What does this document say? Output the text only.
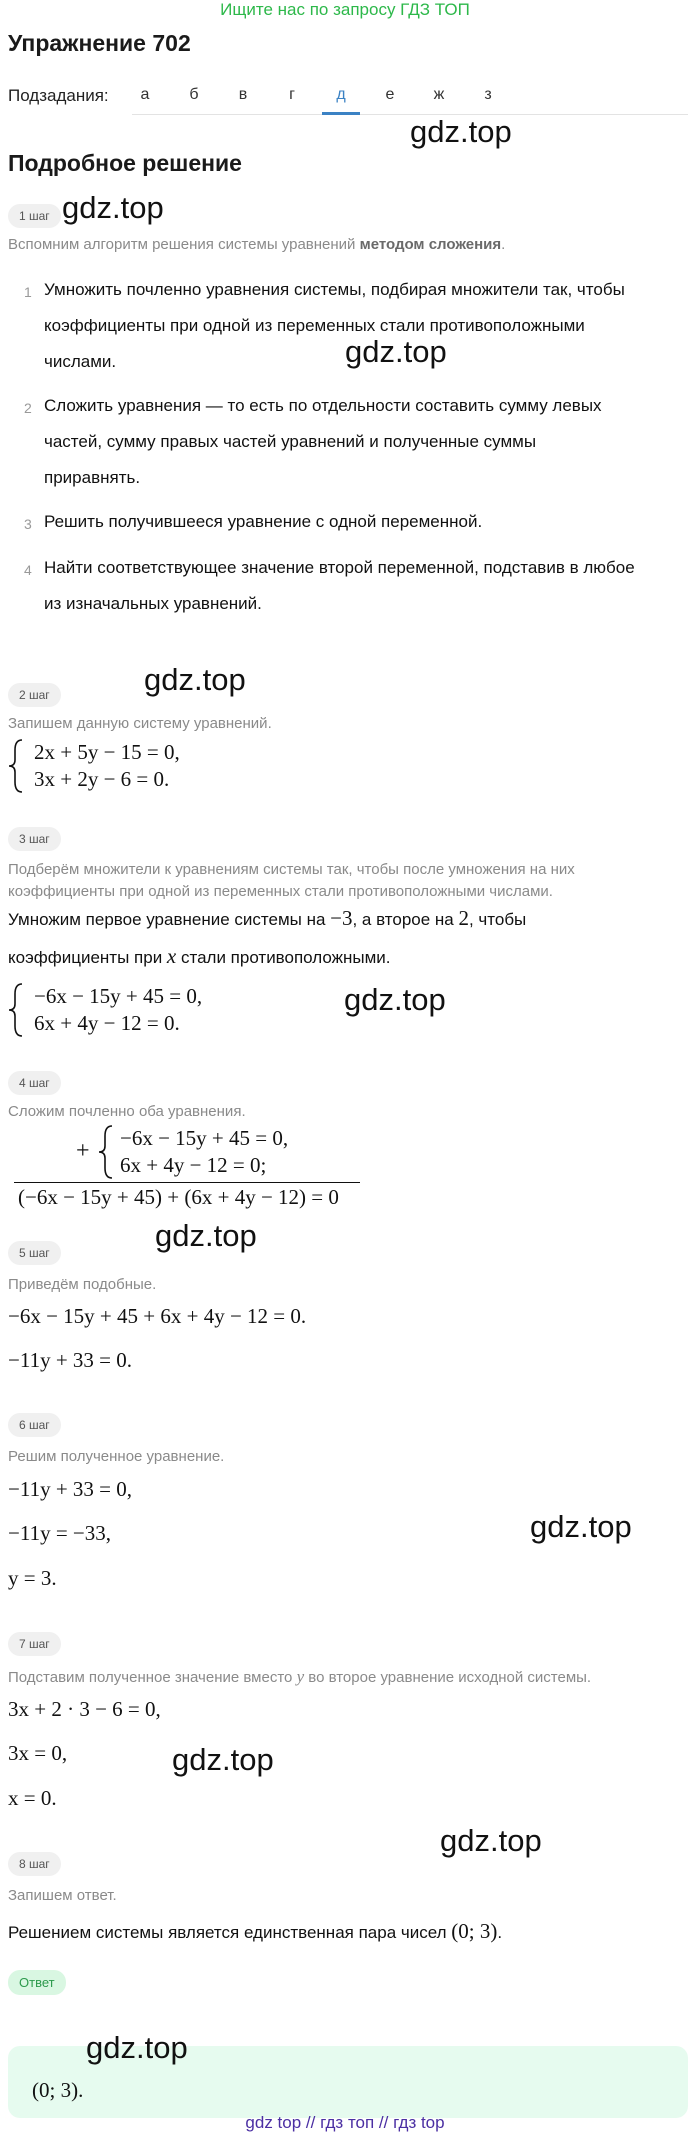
Ищите нас по запросу ГДЗ ТОП
Упражнение 702
Подзадания:	а	б	в	г	д	е	ж	з
gdz.top
Подробное решение
1 шаг gdz.top
Вспомним алгоритм решения системы уравнений методом сложения.
1 Умножить почленно уравнения системы, подбирая множители так, чтобы
коэффициенты при одной из переменных стали противоположными
числами.	gdz.top
2 Сложить уравнения — то есть по отдельности составить сумму левых
частей, сумму правых частей уравнений и полученные суммы
приравнять.
3 Решить получившееся уравнение с одной переменной.
4 Найти соответствующее значение второй переменной, подставив в любое
из изначальных уравнений.
gdz.top
2 шаг
Запишем данную систему уравнений.
2x + 5y − 15 = 0,
3x + 2y − 6 = 0.
3 шаг
Подберём множители к уравнениям системы так, чтобы после умножения на них
коэффициенты при одной из переменных стали противоположными числами.
Умножим первое уравнение системы на −3, а второе на 2, чтобы
коэффициенты при x стали противоположными.
−6x − 15y + 45 = 0,
6x + 4y − 12 = 0.
gdz.top
4 шаг
Сложим почленно оба уравнения.
+ −6x − 15y + 45 = 0,
6x + 4y − 12 = 0;
(−6x − 15y + 45) + (6x + 4y − 12) = 0
gdz.top
5 шаг
Приведём подобные.
−6x − 15y + 45 + 6x + 4y − 12 = 0.
−11y + 33 = 0.
6 шаг
Решим полученное уравнение.
−11y + 33 = 0,
−11y = −33,	gdz.top
y = 3.
7 шаг
Подставим полученное значение вместо y во второе уравнение исходной системы.
3x + 2 · 3 − 6 = 0,
3x = 0,	gdz.top
x = 0.
gdz.top
8 шаг
Запишем ответ.
Решением системы является единственная пара чисел (0; 3).
Ответ
gdz.top
(0; 3).
gdz top // гдз топ // гдз top
